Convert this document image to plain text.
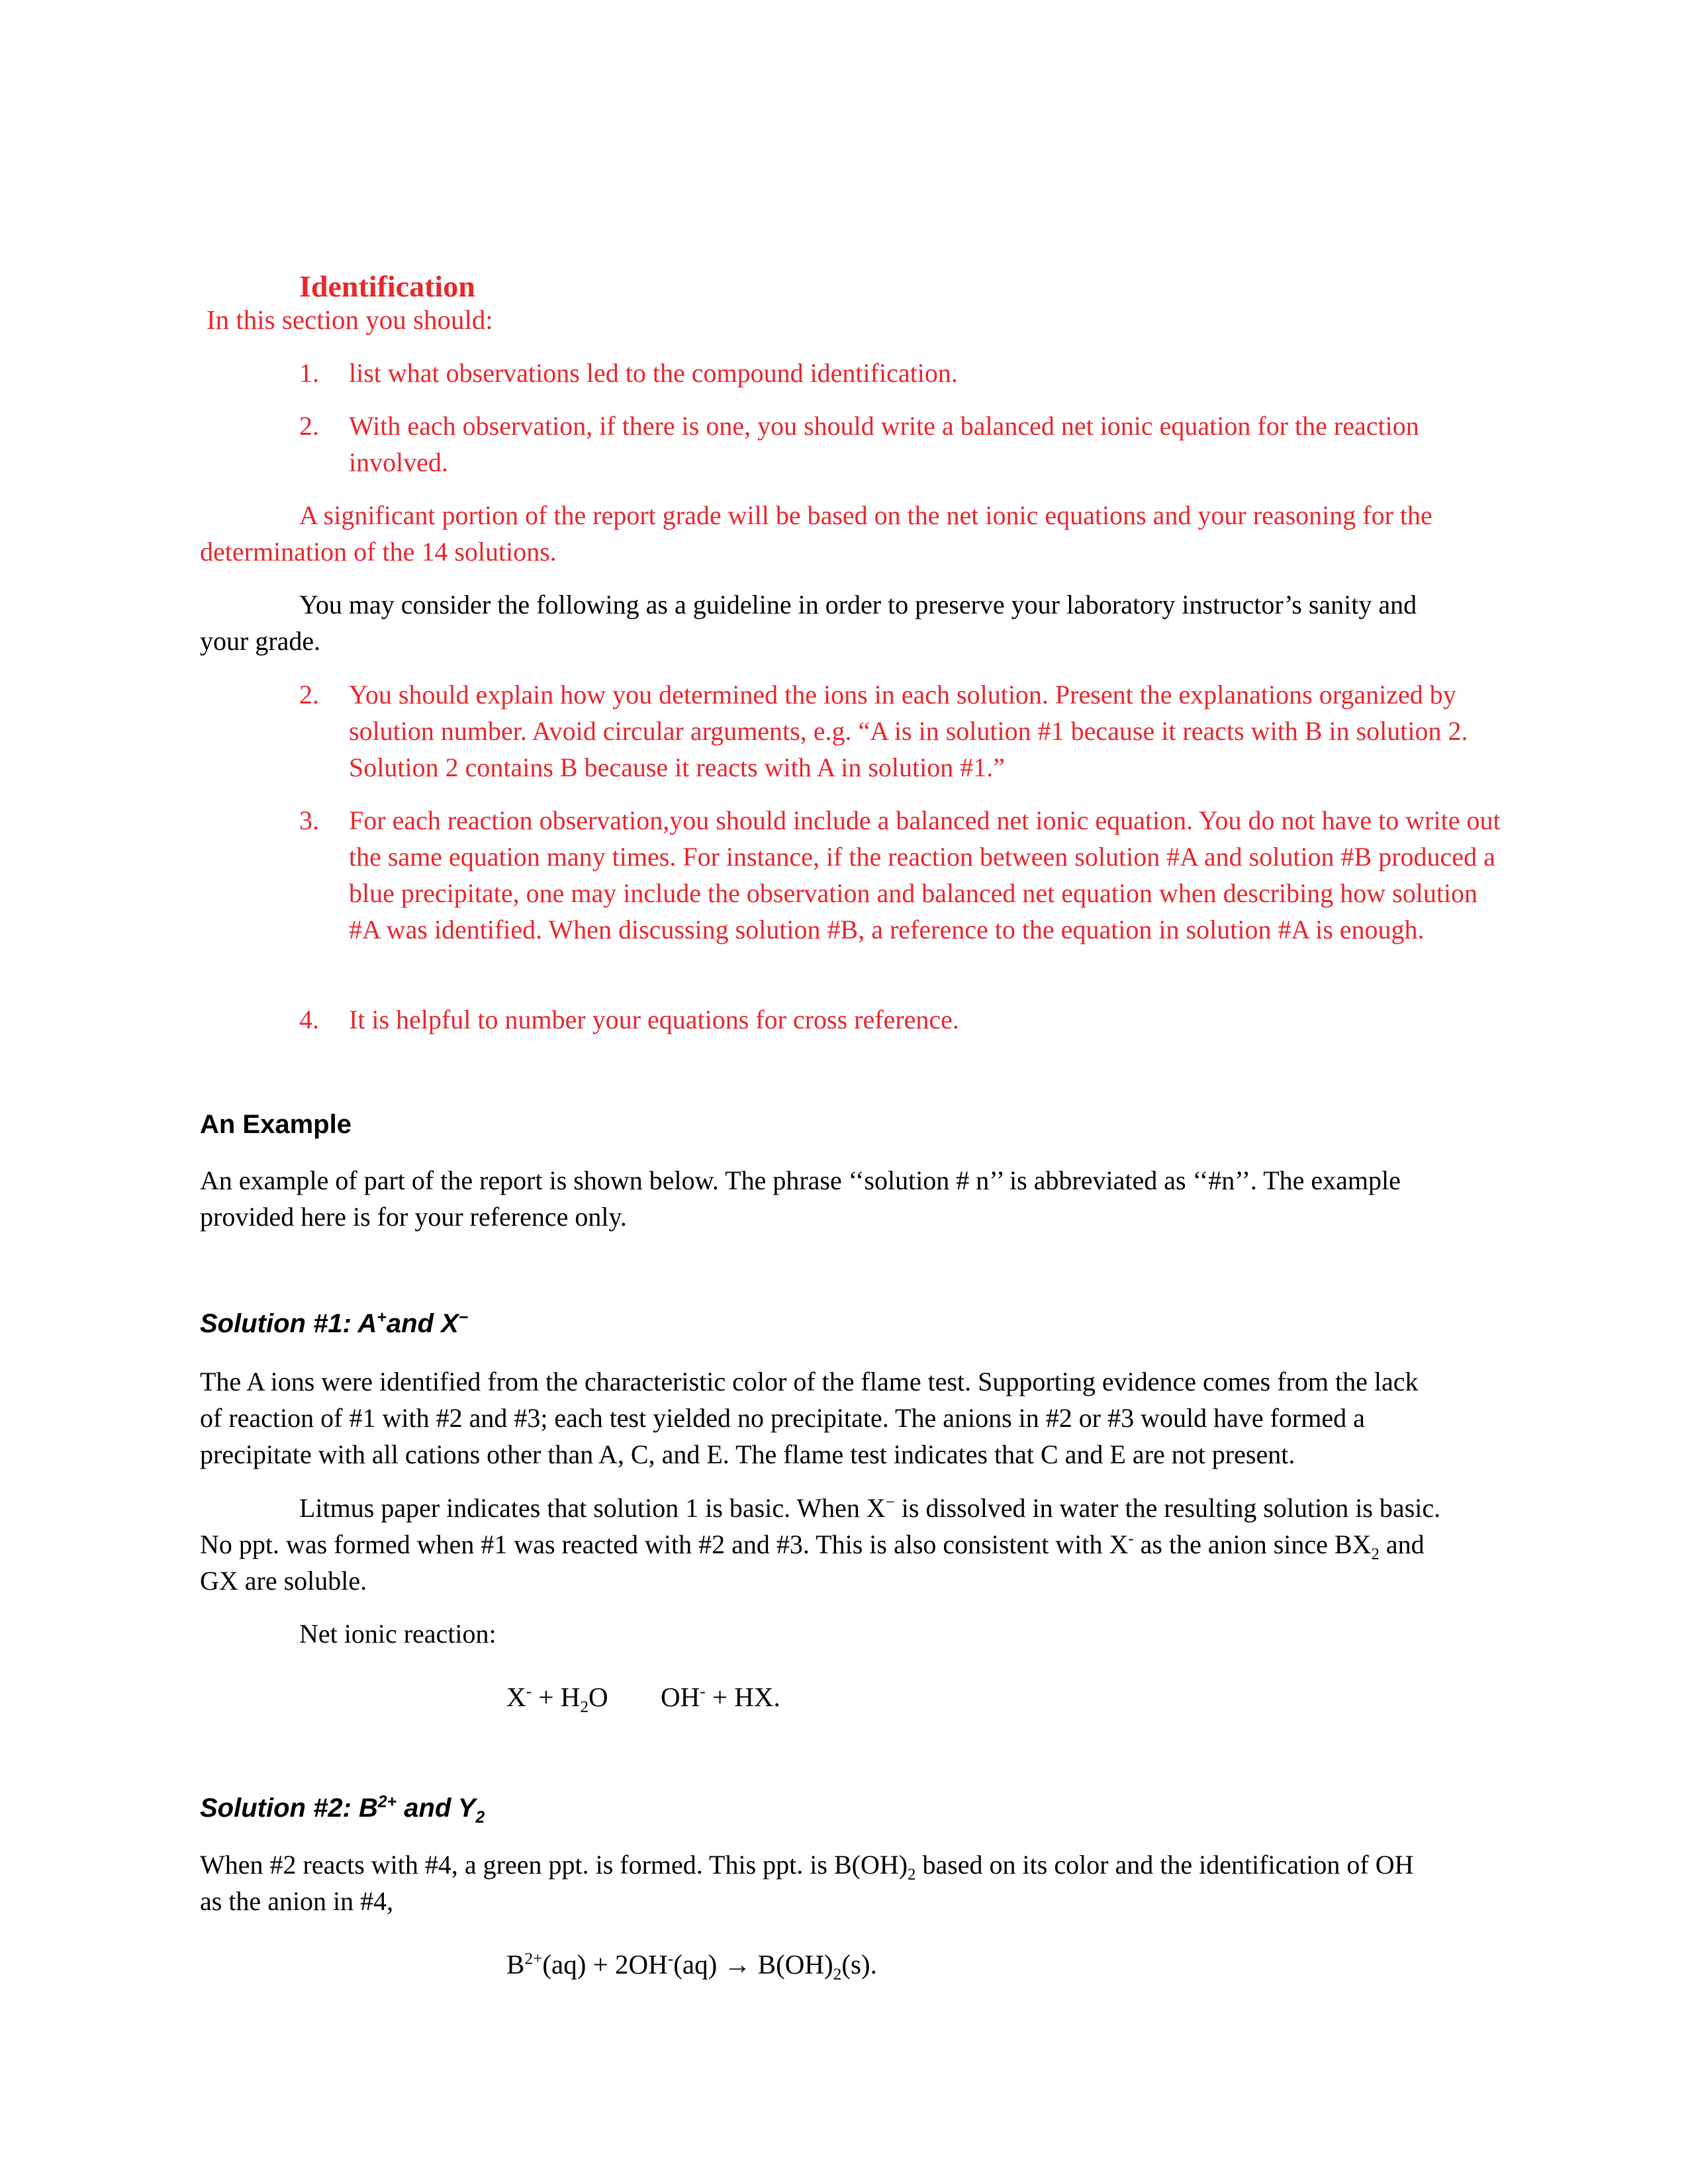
Identification
In this section you should:
1. list what observations led to the compound identification.
2. With each observation, if there is one, you should write a balanced net ionic equation for the reaction involved.
A significant portion of the report grade will be based on the net ionic equations and your reasoning for the
determination of the 14 solutions.
You may consider the following as a guideline in order to preserve your laboratory instructor’s sanity and
your grade.
2. You should explain how you determined the ions in each solution. Present the explanations organized by solution number. Avoid circular arguments, e.g. “A is in solution #1 because it reacts with B in solution 2. Solution 2 contains B because it reacts with A in solution #1.”
3. For each reaction observation,you should include a balanced net ionic equation. You do not have to write out the same equation many times. For instance, if the reaction between solution #A and solution #B produced a blue precipitate, one may include the observation and balanced net equation when describing how solution #A was identified. When discussing solution #B, a reference to the equation in solution #A is enough.
4. It is helpful to number your equations for cross reference.
An Example
An example of part of the report is shown below. The phrase ‘‘solution # n’’ is abbreviated as ‘‘#n’’. The example
provided here is for your reference only.
Solution #1: A+and X−
The A ions were identified from the characteristic color of the flame test. Supporting evidence comes from the lack
of reaction of #1 with #2 and #3; each test yielded no precipitate. The anions in #2 or #3 would have formed a
precipitate with all cations other than A, C, and E. The flame test indicates that C and E are not present.
Litmus paper indicates that solution 1 is basic. When X− is dissolved in water the resulting solution is basic.
No ppt. was formed when #1 was reacted with #2 and #3. This is also consistent with X- as the anion since $BX_2$ and
GX are soluble.
Net ionic reaction:
$X^- + H_2O$ OH- + HX.
Solution #2: $B^{2+}$ and $Y_2$
When #2 reacts with #4, a green ppt. is formed. This ppt. is $B(OH)_2$ based on its color and the identification of OH
as the anion in #4,
$B^{2+}(aq) + 2OH^-(aq) \to B(OH)_2(s)$.
